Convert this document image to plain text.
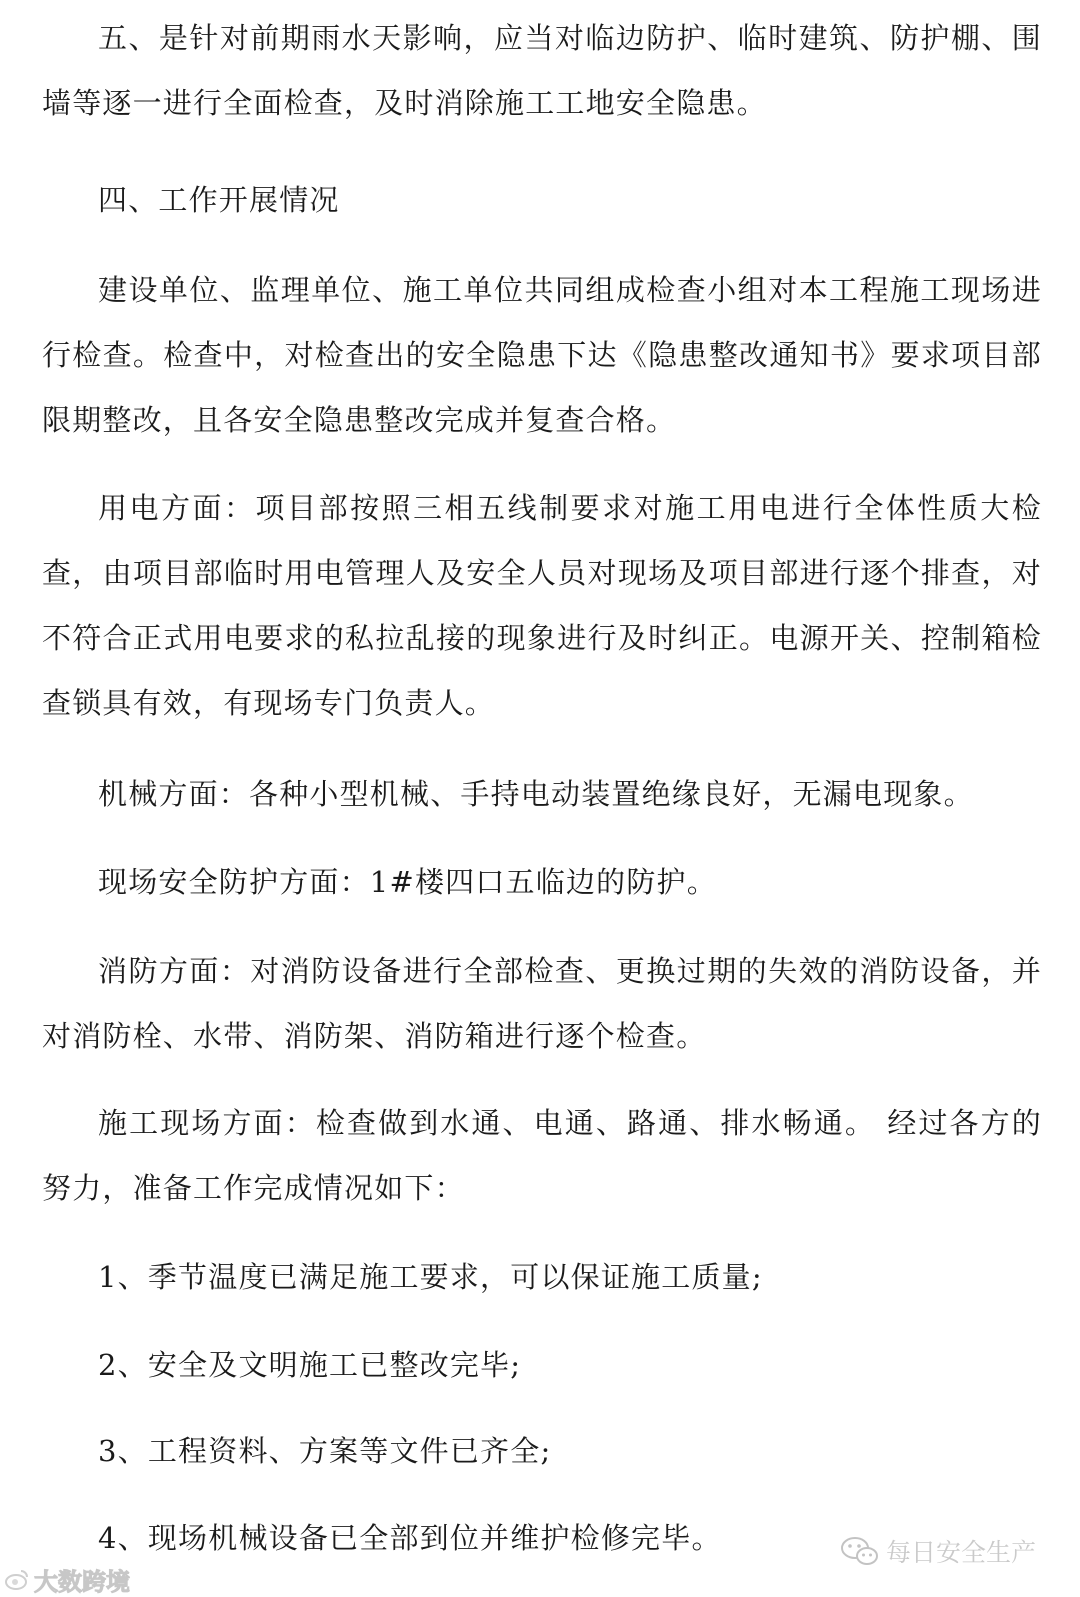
五、是针对前期雨水天影响，应当对临边防护、临时建筑、防护棚、围墙等逐一进行全面检查，及时消除施工工地安全隐患。

四、工作开展情况

建设单位、监理单位、施工单位共同组成检查小组对本工程施工现场进行检查。检查中，对检查出的安全隐患下达《隐患整改通知书》要求项目部限期整改，且各安全隐患整改完成并复查合格。

用电方面：项目部按照三相五线制要求对施工用电进行全体性质大检查，由项目部临时用电管理人及安全人员对现场及项目部进行逐个排查，对不符合正式用电要求的私拉乱接的现象进行及时纠正。电源开关、控制箱检查锁具有效，有现场专门负责人。

机械方面：各种小型机械、手持电动装置绝缘良好，无漏电现象。

现场安全防护方面：1#楼四口五临边的防护。

消防方面：对消防设备进行全部检查、更换过期的失效的消防设备，并对消防栓、水带、消防架、消防箱进行逐个检查。

施工现场方面：检查做到水通、电通、路通、排水畅通。 经过各方的努力，准备工作完成情况如下：

1、季节温度已满足施工要求，可以保证施工质量;

2、安全及文明施工已整改完毕;

3、工程资料、方案等文件已齐全;

4、现场机械设备已全部到位并维护检修完毕。

大数跨境
每日安全生产
